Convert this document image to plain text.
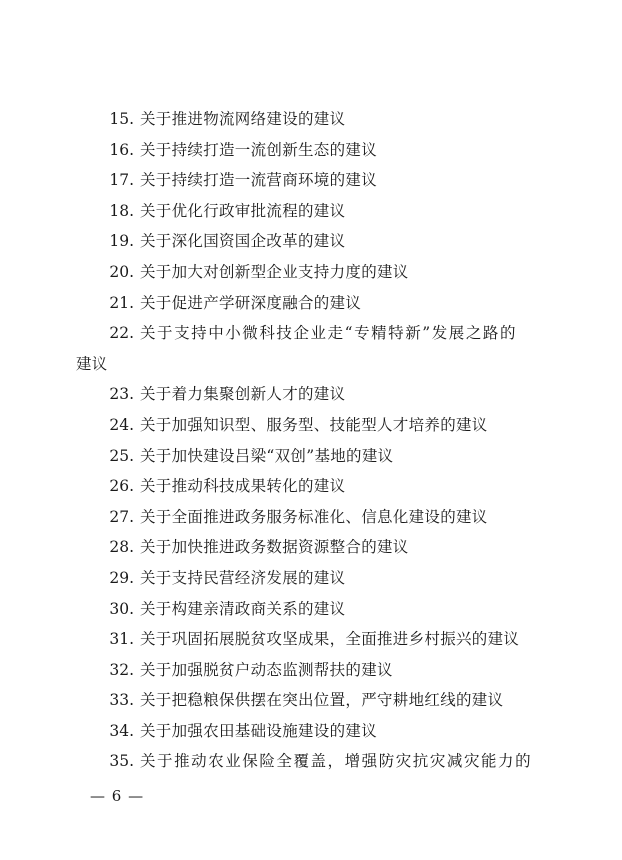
15. 关于推进物流网络建设的建议
16. 关于持续打造一流创新生态的建议
17. 关于持续打造一流营商环境的建议
18. 关于优化行政审批流程的建议
19. 关于深化国资国企改革的建议
20. 关于加大对创新型企业支持力度的建议
21. 关于促进产学研深度融合的建议
22. 关于支持中小微科技企业走“专精特新”发展之路的
建议
23. 关于着力集聚创新人才的建议
24. 关于加强知识型、服务型、技能型人才培养的建议
25. 关于加快建设吕梁“双创”基地的建议
26. 关于推动科技成果转化的建议
27. 关于全面推进政务服务标准化、信息化建设的建议
28. 关于加快推进政务数据资源整合的建议
29. 关于支持民营经济发展的建议
30. 关于构建亲清政商关系的建议
31. 关于巩固拓展脱贫攻坚成果，全面推进乡村振兴的建议
32. 关于加强脱贫户动态监测帮扶的建议
33. 关于把稳粮保供摆在突出位置，严守耕地红线的建议
34. 关于加强农田基础设施建设的建议
35. 关于推动农业保险全覆盖，增强防灾抗灾减灾能力的
— 6 —
